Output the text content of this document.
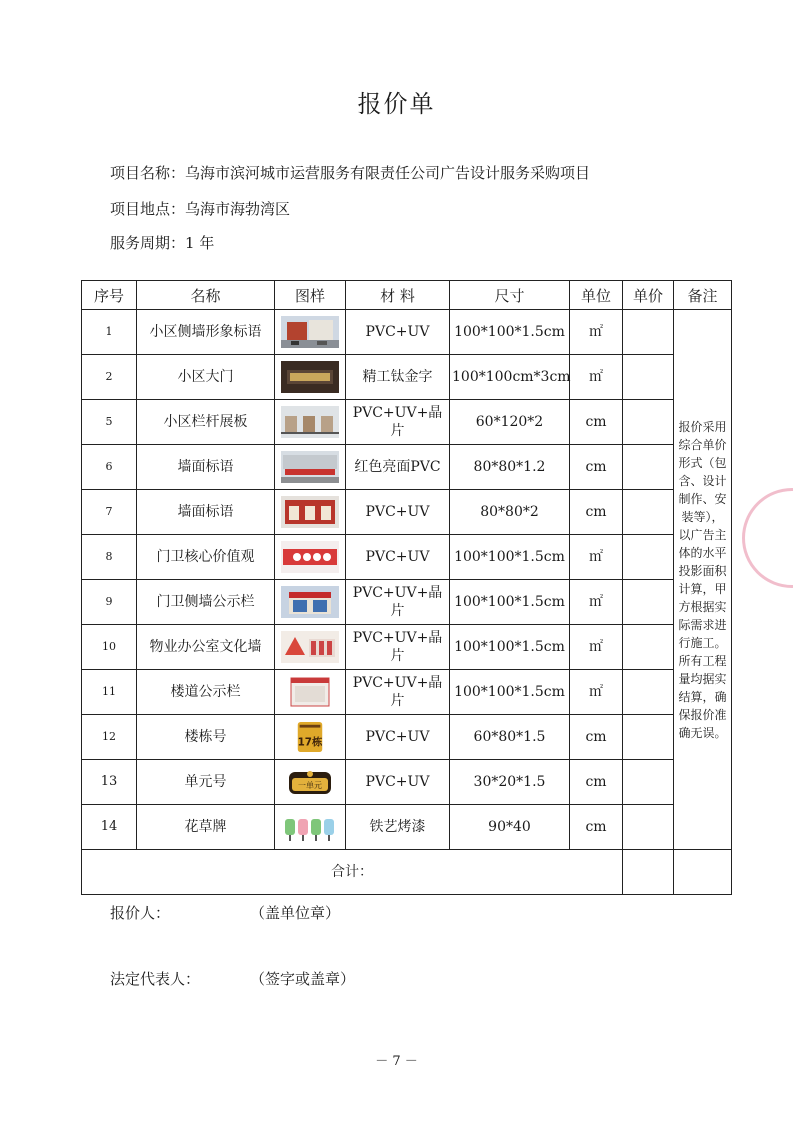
报价单
项目名称：乌海市滨河城市运营服务有限责任公司广告设计服务采购项目
项目地点：乌海市海勃湾区
服务周期：1 年
序号	名称	图样	材 料	尺寸	单位	单价	备注
1	小区侧墙形象标语		PVC+UV	100*100*1.5cm	㎡		报价采用综合单价形式（包含、设计制作、安装等），以广告主体的水平投影面积计算，甲方根据实际需求进行施工。所有工程量均据实结算，确保报价准确无误。
2	小区大门		精工钛金字	100*100cm*3cm	㎡		
5	小区栏杆展板		PVC+UV+晶片	60*120*2	cm		
6	墙面标语		红色亮面PVC	80*80*1.2	cm		
7	墙面标语		PVC+UV	80*80*2	cm		
8	门卫核心价值观		PVC+UV	100*100*1.5cm	㎡		
9	门卫侧墙公示栏		PVC+UV+晶片	100*100*1.5cm	㎡		
10	物业办公室文化墙		PVC+UV+晶片	100*100*1.5cm	㎡		
11	楼道公示栏		PVC+UV+晶片	100*100*1.5cm	㎡		
12	楼栋号	17栋	PVC+UV	60*80*1.5	cm		
13	单元号	一单元	PVC+UV	30*20*1.5	cm		
14	花草牌		铁艺烤漆	90*40	cm		
合计：							
报价人：	（盖单位章）
法定代表人：	（签字或盖章）
－ 7 －
